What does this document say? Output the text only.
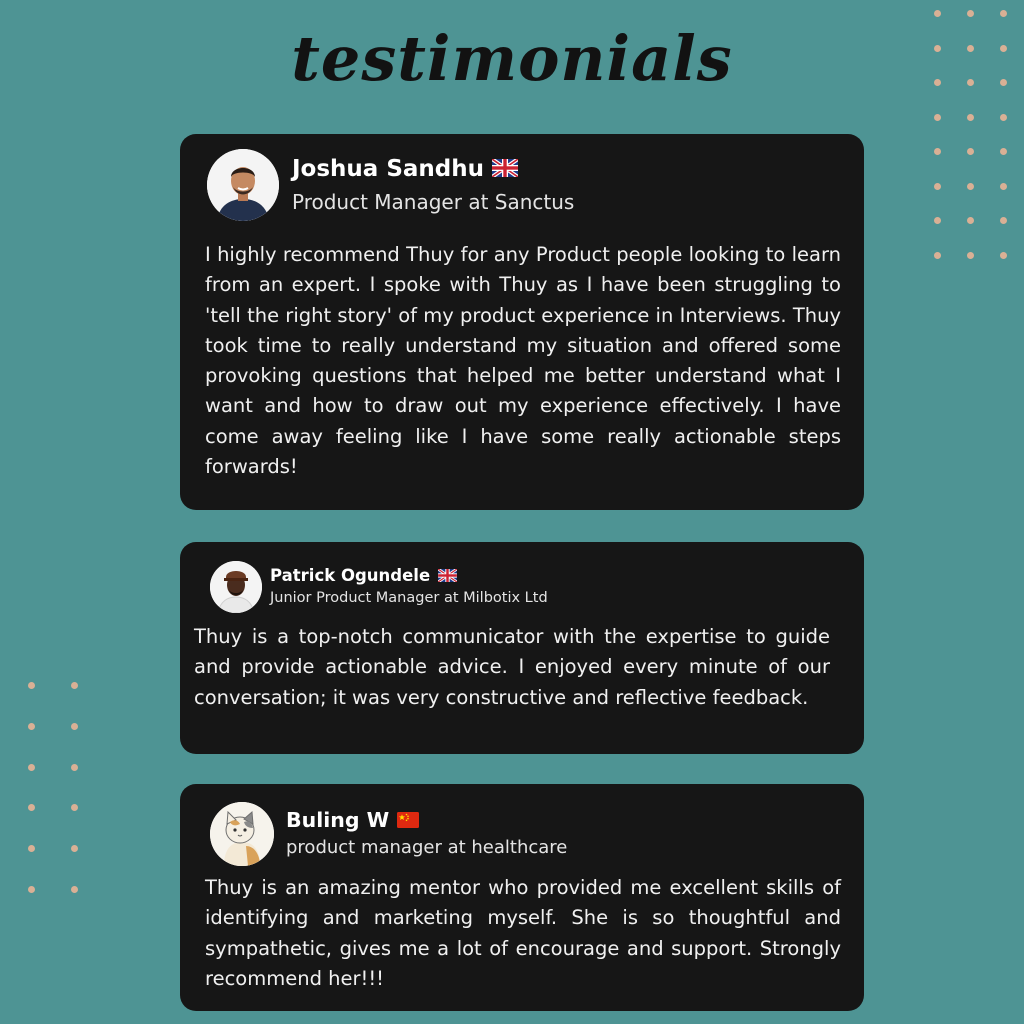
testimonials
Joshua Sandhu
Product Manager at Sanctus

I highly recommend Thuy for any Product people looking to learn from an expert. I spoke with Thuy as I have been struggling to 'tell the right story' of my product experience in Interviews. Thuy took time to really understand my situation and offered some provoking questions that helped me better understand what I want and how to draw out my experience effectively. I have come away feeling like I have some really actionable steps forwards!

Patrick Ogundele
Junior Product Manager at Milbotix Ltd

Thuy is a top-notch communicator with the expertise to guide and provide actionable advice. I enjoyed every minute of our conversation; it was very constructive and reflective feedback.

Buling W
product manager at healthcare

Thuy is an amazing mentor who provided me excellent skills of identifying and marketing myself. She is so thoughtful and sympathetic, gives me a lot of encourage and support. Strongly recommend her!!!
